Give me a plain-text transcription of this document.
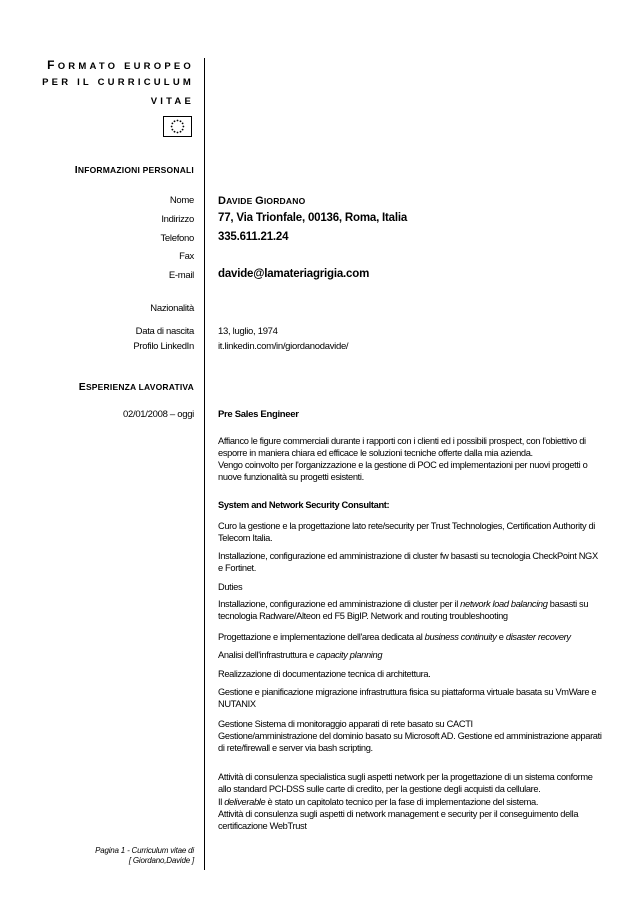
FORMATO EUROPEO
PER IL CURRICULUM
VITAE
INFORMAZIONI PERSONALI
Nome DAVIDE GIORDANO
Indirizzo 77, Via Trionfale, 00136, Roma, Italia
Telefono 335.611.21.24
Fax
E-mail davide@lamateriagrigia.com
Nazionalità
Data di nascita	13, luglio, 1974
Profilo LinkedIn	it.linkedin.com/in/giordanodavide/
ESPERIENZA LAVORATIVA
02/01/2008 – oggi	Pre Sales Engineer
Affianco le figure commerciali durante i rapporti con i clienti ed i possibili prospect, con l'obiettivo di esporre in maniera chiara ed efficace le soluzioni tecniche offerte dalla mia azienda.
Vengo coinvolto per l'organizzazione e la gestione di POC ed implementazioni per nuovi progetti o nuove funzionalità su progetti esistenti.
System and Network Security Consultant:
Curo la gestione e la progettazione lato rete/security per Trust Technologies, Certification Authority di Telecom Italia.
Installazione, configurazione ed amministrazione di cluster fw basasti su tecnologia CheckPoint NGX e Fortinet.
Duties
Installazione, configurazione ed amministrazione di cluster per il network load balancing basasti su tecnologia Radware/Alteon ed F5 BigIP. Network and routing troubleshooting
Progettazione e implementazione dell'area dedicata al business continuity e disaster recovery
Analisi dell'infrastruttura e capacity planning
Realizzazione di documentazione tecnica di architettura.
Gestione e pianificazione migrazione infrastruttura fisica su piattaforma virtuale basata su VmWare e NUTANIX
Gestione Sistema di monitoraggio apparati di rete basato su CACTI
Gestione/amministrazione del dominio basato su Microsoft AD. Gestione ed amministrazione apparati di rete/firewall e server via bash scripting.
Attività di consulenza specialistica sugli aspetti network per la progettazione di un sistema conforme allo standard PCI-DSS sulle carte di credito, per la gestione degli acquisti da cellulare.
Il deliverable è stato un capitolato tecnico per la fase di implementazione del sistema.
Attività di consulenza sugli aspetti di network management e security per il conseguimento della certificazione WebTrust
Pagina 1 - Curriculum vitae di
[ Giordano,Davide ]
